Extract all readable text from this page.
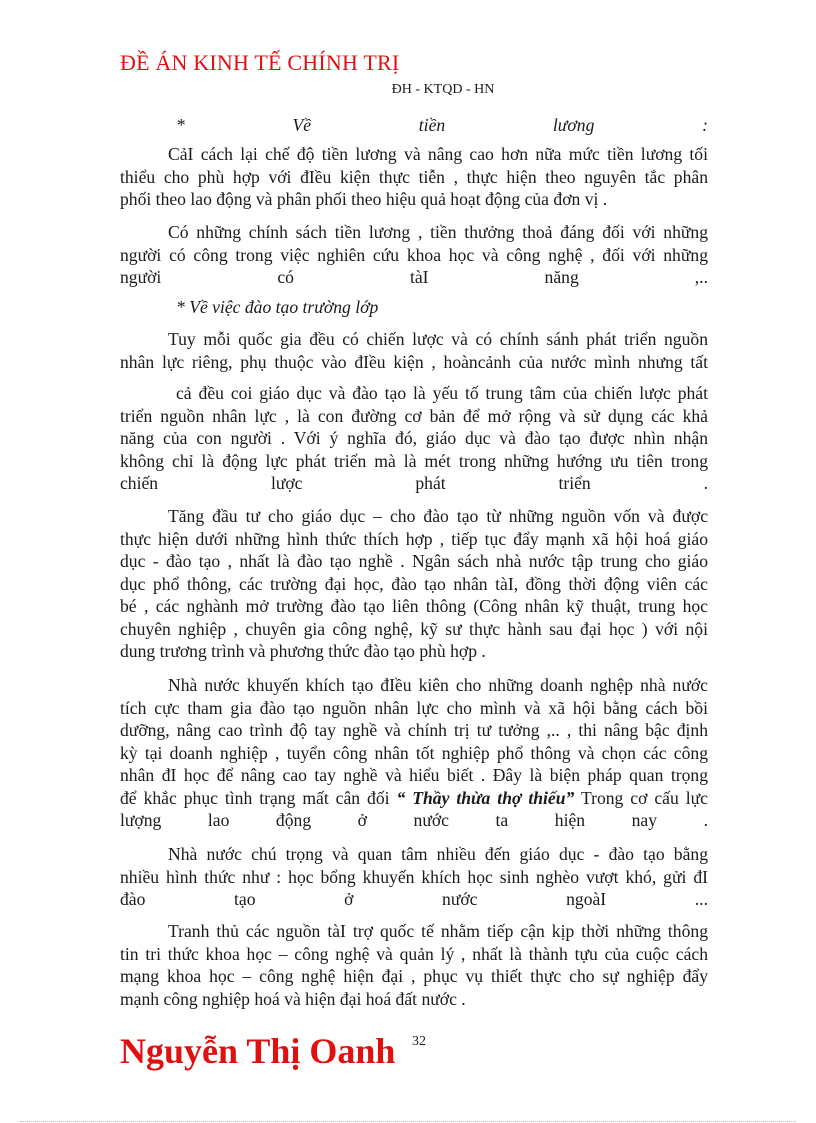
ĐỀ ÁN KINH TẾ CHÍNH TRỊ
ĐH - KTQD - HN
*	Về	tiền	lương	:
CảI cách lại chế độ tiền lương và nâng cao hơn nữa mức tiền lương tối
thiểu cho phù hợp với đIều kiện thực tiễn , thực hiện theo nguyên tắc phân
phối theo lao động và phân phối theo hiệu quả hoạt động của đơn vị .
Có những chính sách tiền lương , tiền thưởng thoả đáng đối với những
người có công trong việc nghiên cứu khoa học và công nghệ , đối với những
người	có	tàI	năng	,..
* Về việc đào tạo trường lớp
Tuy mỗi quốc gia đều có chiến lược và có chính sánh phát triển nguồn
nhân lực riêng, phụ thuộc vào đIều kiện , hoàncảnh của nước mình nhưng tất
cả đều coi giáo dục và đào tạo là yếu tố trung tâm của chiến lược phát
triển nguồn nhân lực , là con đường cơ bản để mở rộng và sử dụng các khả
năng của con người . Với ý nghĩa đó, giáo dục và đào tạo được nhìn nhận
không chỉ là động lực phát triển mà là mét trong những hướng ưu tiên trong
chiến	lược	phát	triển	.
Tăng đầu tư cho giáo dục – cho đào tạo từ những nguồn vốn và được
thực hiện dưới những hình thức thích hợp , tiếp tục đẩy mạnh xã hội hoá giáo
dục - đào tạo , nhất là đào tạo nghề . Ngân sách nhà nước tập trung cho giáo
dục phổ thông, các trường đại học, đào tạo nhân tàI, đồng thời động viên các
bé , các nghành mở trường đào tạo liên thông (Công nhân kỹ thuật, trung học
chuyên nghiệp , chuyên gia công nghệ, kỹ sư thực hành sau đại học ) với nội
dung trương trình và phương thức đào tạo phù hợp .
Nhà nước khuyến khích tạo đIều kiên cho những doanh nghệp nhà nước
tích cực tham gia đào tạo nguồn nhân lực cho mình và xã hội bằng cách bồi
dưỡng, nâng cao trình độ tay nghề và chính trị tư tưởng ,.. , thi nâng bậc định
kỳ tại doanh nghiệp , tuyển công nhân tốt nghiệp phổ thông và chọn các công
nhân đI học để nâng cao tay nghề và hiểu biết . Đây là biện pháp quan trọng
để khắc phục tình trạng mất cân đối “ Thầy thừa thợ thiếu” Trong cơ cấu lực
lượng	lao	động	ở	nước	ta	hiện	nay	.
Nhà nước chú trọng và quan tâm nhiều đến giáo dục - đào tạo bằng
nhiều hình thức như : học bổng khuyến khích học sinh nghèo vượt khó, gửi đI
đào	tạo	ở	nước	ngoàI	...
Tranh thủ các nguồn tàI trợ quốc tế nhằm tiếp cận kịp thời những thông
tin tri thức khoa học – công nghệ và quản lý , nhất là thành tựu của cuộc cách
mạng khoa học – công nghệ hiện đại , phục vụ thiết thực cho sự nghiệp đẩy
mạnh công nghiệp hoá và hiện đại hoá đất nước .
Nguyễn Thị Oanh 32
